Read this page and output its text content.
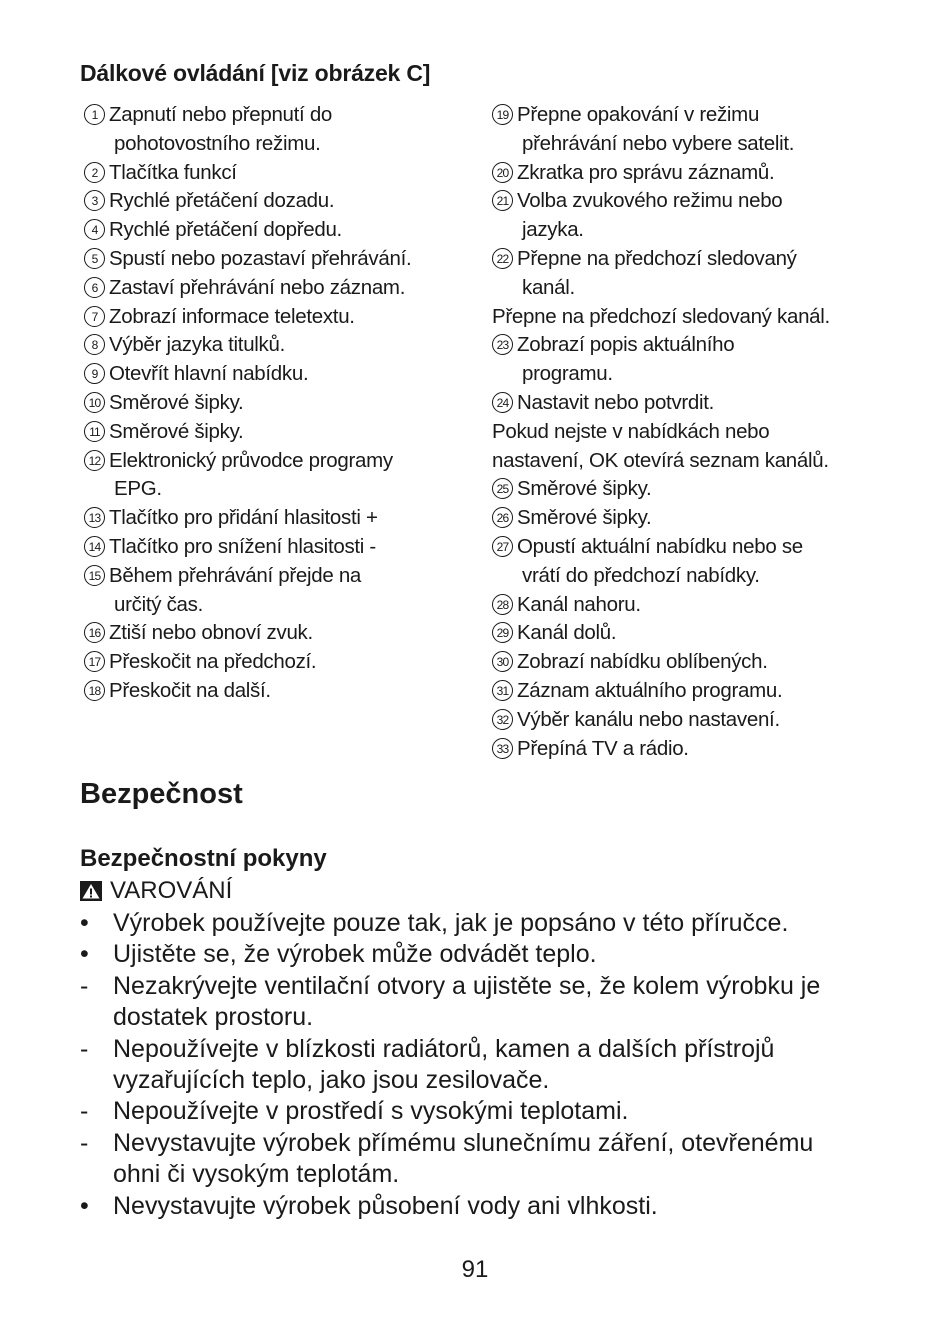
Dálkové ovládání [viz obrázek C]
1 Zapnutí nebo přepnutí do
pohotovostního režimu.
2 Tlačítka funkcí
3 Rychlé přetáčení dozadu.
4 Rychlé přetáčení dopředu.
5 Spustí nebo pozastaví přehrávání.
6 Zastaví přehrávání nebo záznam.
7 Zobrazí informace teletextu.
8 Výběr jazyka titulků.
9 Otevřít hlavní nabídku.
10 Směrové šipky.
11 Směrové šipky.
12 Elektronický průvodce programy
EPG.
13 Tlačítko pro přidání hlasitosti +
14 Tlačítko pro snížení hlasitosti -
15 Během přehrávání přejde na
určitý čas.
16 Ztiší nebo obnoví zvuk.
17 Přeskočit na předchozí.
18 Přeskočit na další.
19 Přepne opakování v režimu
přehrávání nebo vybere satelit.
20 Zkratka pro správu záznamů.
21 Volba zvukového režimu nebo
jazyka.
22 Přepne na předchozí sledovaný
kanál.
Přepne na předchozí sledovaný kanál.
23 Zobrazí popis aktuálního
programu.
24 Nastavit nebo potvrdit.
Pokud nejste v nabídkách nebo
nastavení, OK otevírá seznam kanálů.
25 Směrové šipky.
26 Směrové šipky.
27 Opustí aktuální nabídku nebo se
vrátí do předchozí nabídky.
28 Kanál nahoru.
29 Kanál dolů.
30 Zobrazí nabídku oblíbených.
31 Záznam aktuálního programu.
32 Výběr kanálu nebo nastavení.
33 Přepíná TV a rádio.
Bezpečnost
Bezpečnostní pokyny
VAROVÁNÍ
• Výrobek používejte pouze tak, jak je popsáno v této příručce.
• Ujistěte se, že výrobek může odvádět teplo.
- Nezakrývejte ventilační otvory a ujistěte se, že kolem výrobku je
dostatek prostoru.
- Nepoužívejte v blízkosti radiátorů, kamen a dalších přístrojů
vyzařujících teplo, jako jsou zesilovače.
- Nepoužívejte v prostředí s vysokými teplotami.
- Nevystavujte výrobek přímému slunečnímu záření, otevřenému
ohni či vysokým teplotám.
• Nevystavujte výrobek působení vody ani vlhkosti.
91
